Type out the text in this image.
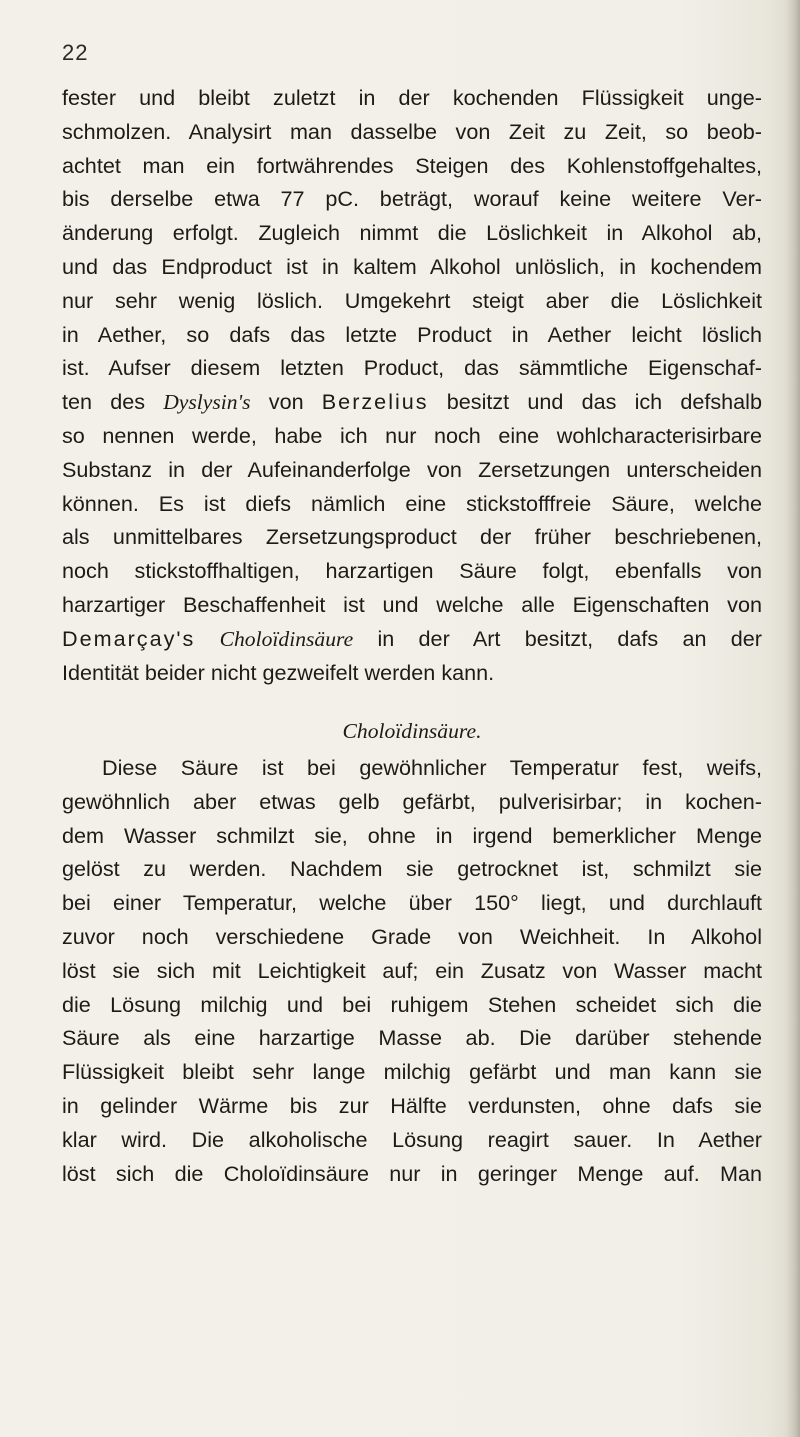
22
fester und bleibt zuletzt in der kochenden Flüssigkeit unge-
schmolzen. Analysirt man dasselbe von Zeit zu Zeit, so beob-
achtet man ein fortwährendes Steigen des Kohlenstoffgehaltes,
bis derselbe etwa 77 pC. beträgt, worauf keine weitere Ver-
änderung erfolgt. Zugleich nimmt die Löslichkeit in Alkohol ab,
und das Endproduct ist in kaltem Alkohol unlöslich, in kochendem
nur sehr wenig löslich. Umgekehrt steigt aber die Löslichkeit
in Aether, so dafs das letzte Product in Aether leicht löslich
ist. Aufser diesem letzten Product, das sämmtliche Eigenschaf-
ten des Dyslysin's von Berzelius besitzt und das ich defshalb
so nennen werde, habe ich nur noch eine wohlcharacterisirbare
Substanz in der Aufeinanderfolge von Zersetzungen unterscheiden
können. Es ist diefs nämlich eine stickstofffreie Säure, welche
als unmittelbares Zersetzungsproduct der früher beschriebenen,
noch stickstoffhaltigen, harzartigen Säure folgt, ebenfalls von
harzartiger Beschaffenheit ist und welche alle Eigenschaften von
Demarçay's Choloïdinsäure in der Art besitzt, dafs an der
Identität beider nicht gezweifelt werden kann.
Choloïdinsäure.
Diese Säure ist bei gewöhnlicher Temperatur fest, weifs,
gewöhnlich aber etwas gelb gefärbt, pulverisirbar; in kochen-
dem Wasser schmilzt sie, ohne in irgend bemerklicher Menge
gelöst zu werden. Nachdem sie getrocknet ist, schmilzt sie
bei einer Temperatur, welche über 150° liegt, und durchlauft
zuvor noch verschiedene Grade von Weichheit. In Alkohol
löst sie sich mit Leichtigkeit auf; ein Zusatz von Wasser macht
die Lösung milchig und bei ruhigem Stehen scheidet sich die
Säure als eine harzartige Masse ab. Die darüber stehende
Flüssigkeit bleibt sehr lange milchig gefärbt und man kann sie
in gelinder Wärme bis zur Hälfte verdunsten, ohne dafs sie
klar wird. Die alkoholische Lösung reagirt sauer. In Aether
löst sich die Choloïdinsäure nur in geringer Menge auf. Man
